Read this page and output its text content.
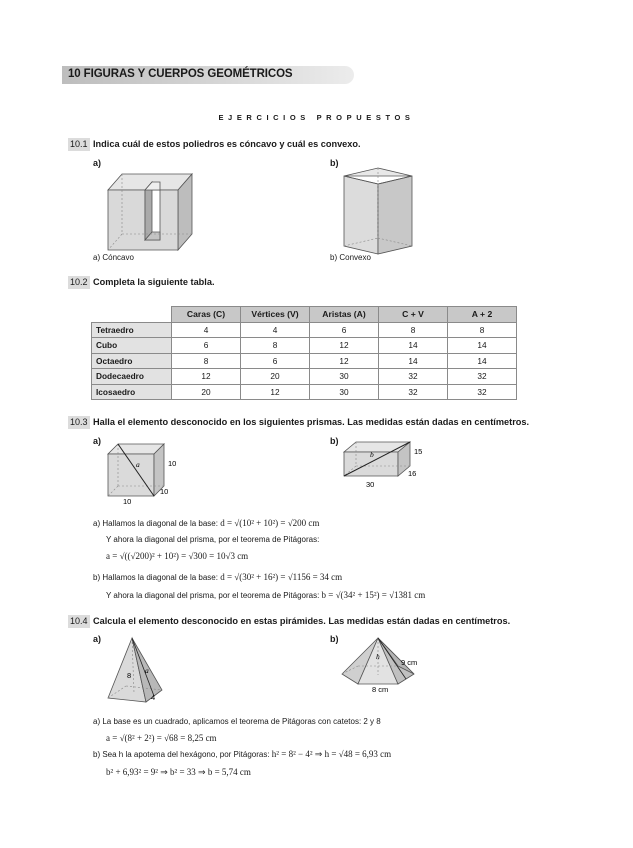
10 FIGURAS Y CUERPOS GEOMÉTRICOS
EJERCICIOS PROPUESTOS
10.1 Indica cuál de estos poliedros es cóncavo y cuál es convexo.
a)	b)
a) Cóncavo	b) Convexo
10.2 Completa la siguiente tabla.
	Caras (C)	Vértices (V)	Aristas (A)	C + V	A + 2
Tetraedro	4	4	6	8	8
Cubo	6	8	12	14	14
Octaedro	8	6	12	14	14
Dodecaedro	12	20	30	32	32
Icosaedro	20	12	30	32	32
10.3 Halla el elemento desconocido en los siguientes prismas. Las medidas están dadas en centímetros.
a)	b)
a	10
10
10
b	15
16
30
a) Hallamos la diagonal de la base: d = √(10² + 10²) = √200 cm
Y ahora la diagonal del prisma, por el teorema de Pitágoras:
a = √((√200)² + 10²) = √300 = 10√3 cm
b) Hallamos la diagonal de la base: d = √(30² + 16²) = √1156 = 34 cm
Y ahora la diagonal del prisma, por el teorema de Pitágoras: b = √(34² + 15²) = √1381 cm
10.4 Calcula el elemento desconocido en estas pirámides. Las medidas están dadas en centímetros.
a)	b)
8
a
4
h
9 cm
8 cm
a) La base es un cuadrado, aplicamos el teorema de Pitágoras con catetos: 2 y 8
a = √(8² + 2²) = √68 = 8,25 cm
b) Sea h la apotema del hexágono, por Pitágoras: h² = 8² − 4² ⇒ h = √48 = 6,93 cm
b² + 6,93² = 9² ⇒ b² = 33 ⇒ b = 5,74 cm
